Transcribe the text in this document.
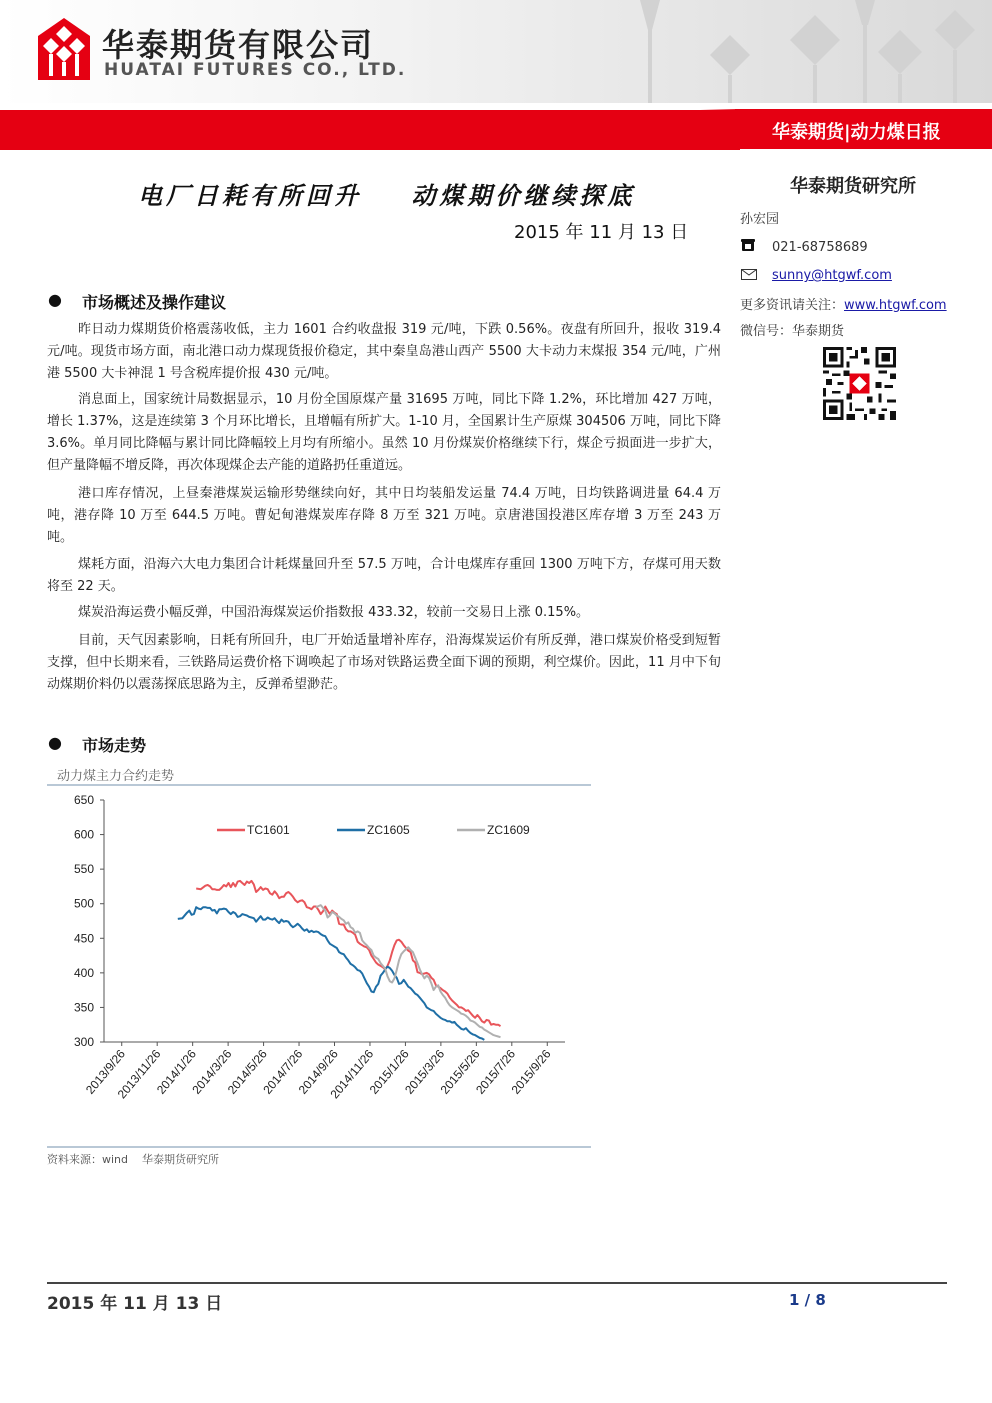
华泰期货有限公司
HUATAI FUTURES CO., LTD.
华泰期货|动力煤日报
电厂日耗有所回升    动煤期价继续探底
2015 年 11 月 13 日
华泰期货研究所
孙宏园
021-68758689
sunny@htgwf.com
更多资讯请关注：www.htgwf.com
微信号：华泰期货
● 市场概述及操作建议

昨日动力煤期货价格震荡收低，主力 1601 合约收盘报 319 元/吨，下跌 0.56%。夜盘有所回升，报收 319.4 元/吨。现货市场方面，南北港口动力煤现货报价稳定，其中秦皇岛港山西产 5500 大卡动力末煤报 354 元/吨，广州港 5500 大卡神混 1 号含税库提价报 430 元/吨。

消息面上，国家统计局数据显示，10 月份全国原煤产量 31695 万吨，同比下降 1.2%，环比增加 427 万吨，增长 1.37%，这是连续第 3 个月环比增长，且增幅有所扩大。1-10 月，全国累计生产原煤 304506 万吨，同比下降 3.6%。单月同比降幅与累计同比降幅较上月均有所缩小。虽然 10 月份煤炭价格继续下行，煤企亏损面进一步扩大，但产量降幅不增反降，再次体现煤企去产能的道路扔任重道远。

港口库存情况，上昼秦港煤炭运输形势继续向好，其中日均装船发运量 74.4 万吨，日均铁路调进量 64.4 万吨，港存降 10 万至 644.5 万吨。曹妃甸港煤炭库存降 8 万至 321 万吨。京唐港国投港区库存增 3 万至 243 万吨。

煤耗方面，沿海六大电力集团合计耗煤量回升至 57.5 万吨，合计电煤库存重回 1300 万吨下方，存煤可用天数将至 22 天。

煤炭沿海运费小幅反弹，中国沿海煤炭运价指数报 433.32，较前一交易日上涨 0.15%。

目前，天气因素影响，日耗有所回升，电厂开始适量增补库存，沿海煤炭运价有所反弹，港口煤炭价格受到短暂支撑，但中长期来看，三铁路局运费价格下调唤起了市场对铁路运费全面下调的预期，利空煤价。因此，11 月中下旬动煤期价料仍以震荡探底思路为主，反弹希望渺茫。

● 市场走势
动力煤主力合约走势
650
600
550
500
450
400
350
300
2013/9/26
2013/11/26
2014/1/26
2014/3/26
2014/5/26
2014/7/26
2014/9/26
2014/11/26
2015/1/26
2015/3/26
2015/5/26
2015/7/26
2015/9/26
TC1601	ZC1605	ZC1609
资料来源：wind    华泰期货研究所
2015 年 11 月 13 日	1 / 8
